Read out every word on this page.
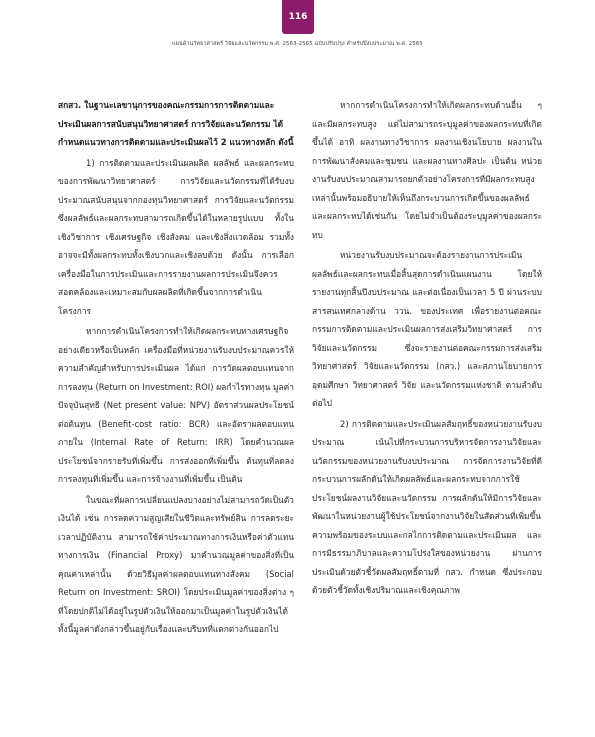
116
แผนด้านวิทยาศาสตร์ วิจัยและนวัตกรรม พ.ศ. 2563-2565 ฉบับปรับปรุง สำหรับปีงบประมาณ พ.ศ. 2565

สกสว. ในฐานะเลขานุการของคณะกรรมการการติดตามและประเมินผลการสนับสนุนวิทยาศาสตร์ การวิจัยและนวัตกรรม ได้กำหนดแนวทางการติดตามและประเมินผลไว้ 2 แนวทางหลัก ดังนี้

1) การติดตามและประเมินผลผลิต ผลลัพธ์ และผลกระทบของการพัฒนาวิทยาศาสตร์ การวิจัยและนวัตกรรมที่ได้รับงบประมาณสนับสนุนจากกองทุนวิทยาศาสตร์ การวิจัยและนวัตกรรม ซึ่งผลลัพธ์และผลกระทบสามารถเกิดขึ้นได้ในหลายรูปแบบ ทั้งในเชิงวิชาการ เชิงเศรษฐกิจ เชิงสังคม และเชิงสิ่งแวดล้อม รวมทั้งอาจจะมีทั้งผลกระทบทั้งเชิงบวกและเชิงลบด้วย ดังนั้น การเลือกเครื่องมือในการประเมินและการรายงานผลการประเมินจึงควรสอดคล้องและเหมาะสมกับผลผลิตที่เกิดขึ้นจากการดำเนินโครงการ

หากการดำเนินโครงการทำให้เกิดผลกระทบทางเศรษฐกิจอย่างเดียวหรือเป็นหลัก เครื่องมือที่หน่วยงานรับงบประมาณควรให้ความสำคัญสำหรับการประเมินผล ได้แก่ การวัดผลตอบแทนจากการลงทุน (Return on Investment: ROI) ผลกำไรทางทุน มูลค่าปัจจุบันสุทธิ (Net present value: NPV) อัตราส่วนผลประโยชน์ต่อต้นทุน (Benefit-cost ratio: BCR) และอัตราผลตอบแทนภายใน (Internal Rate of Return: IRR) โดยคำนวณผลประโยชน์จากรายรับที่เพิ่มขึ้น การส่งออกที่เพิ่มขึ้น ต้นทุนที่ลดลง การลงทุนที่เพิ่มขึ้น และการจ้างงานที่เพิ่มขึ้น เป็นต้น

ในขณะที่ผลการเปลี่ยนแปลงบางอย่างไม่สามารถวัดเป็นตัวเงินได้ เช่น การลดความสูญเสียในชีวิตและทรัพย์สิน การลดระยะเวลาปฏิบัติงาน สามารถใช้ค่าประมาณทางการเงินหรือค่าตัวแทนทางการเงิน (Financial Proxy) มาคำนวณมูลค่าของสิ่งที่เป็นคุณค่าเหล่านั้น ด้วยวิธีมูลค่าผลตอบแทนทางสังคม (Social Return on Investment: SROI) โดยประเมินมูลค่าของสิ่งต่าง ๆ ที่โดยปกติไม่ได้อยู่ในรูปตัวเงินให้ออกมาเป็นมูลค่าในรูปตัวเงินได้ ทั้งนี้มูลค่าดังกล่าวขึ้นอยู่กับเรื่องและบริบทที่แตกต่างกันออกไป

หากการดำเนินโครงการทำให้เกิดผลกระทบด้านอื่น ๆ และมีผลกระทบสูง แต่ไม่สามารถระบุมูลค่าของผลกระทบที่เกิดขึ้นได้ อาทิ ผลงานทางวิชาการ ผลงานเชิงนโยบาย ผลงานในการพัฒนาสังคมและชุมชน และผลงานทางศิลปะ เป็นต้น หน่วยงานรับงบประมาณสามารถยกตัวอย่างโครงการที่มีผลกระทบสูงเหล่านั้นพร้อมอธิบายให้เห็นถึงกระบวนการเกิดขึ้นของผลลัพธ์และผลกระทบได้เช่นกัน โดยไม่จำเป็นต้องระบุมูลค่าของผลกระทบ

หน่วยงานรับงบประมาณจะต้องรายงานการประเมินผลลัพธ์และผลกระทบเมื่อสิ้นสุดการดำเนินแผนงาน โดยให้รายงานทุกสิ้นปีงบประมาณ และต่อเนื่องเป็นเวลา 5 ปี ผ่านระบบสารสนเทศกลางด้าน ววน. ของประเทศ เพื่อรายงานต่อคณะกรรมการติดตามและประเมินผลการส่งเสริมวิทยาศาสตร์ การวิจัยและนวัตกรรม ซึ่งจะรายงานต่อคณะกรรมการส่งเสริมวิทยาศาสตร์ วิจัยและนวัตกรรม (กสว.) และสภานโยบายการอุดมศึกษา วิทยาศาสตร์ วิจัย และนวัตกรรมแห่งชาติ ตามลำดับต่อไป

2) การติดตามและประเมินผลสัมฤทธิ์ของหน่วยงานรับงบประมาณ เน้นไปที่กระบวนการบริหารจัดการงานวิจัยและนวัตกรรมของหน่วยงานรับงบประมาณ การจัดการงานวิจัยที่ดี กระบวนการผลักดันให้เกิดผลลัพธ์และผลกระทบจากการใช้ประโยชน์ผลงานวิจัยและนวัตกรรม การผลักดันให้มีการวิจัยและพัฒนาในหน่วยงานผู้ใช้ประโยชน์จากงานวิจัยในสัดส่วนที่เพิ่มขึ้น ความพร้อมของระบบและกลไกการติดตามและประเมินผล และการมีธรรมาภิบาลและความโปร่งใสของหน่วยงาน ผ่านการประเมินด้วยตัวชี้วัดผลสัมฤทธิ์ตามที่ กสว. กำหนด ซึ่งประกอบด้วยตัวชี้วัดทั้งเชิงปริมาณและเชิงคุณภาพ
